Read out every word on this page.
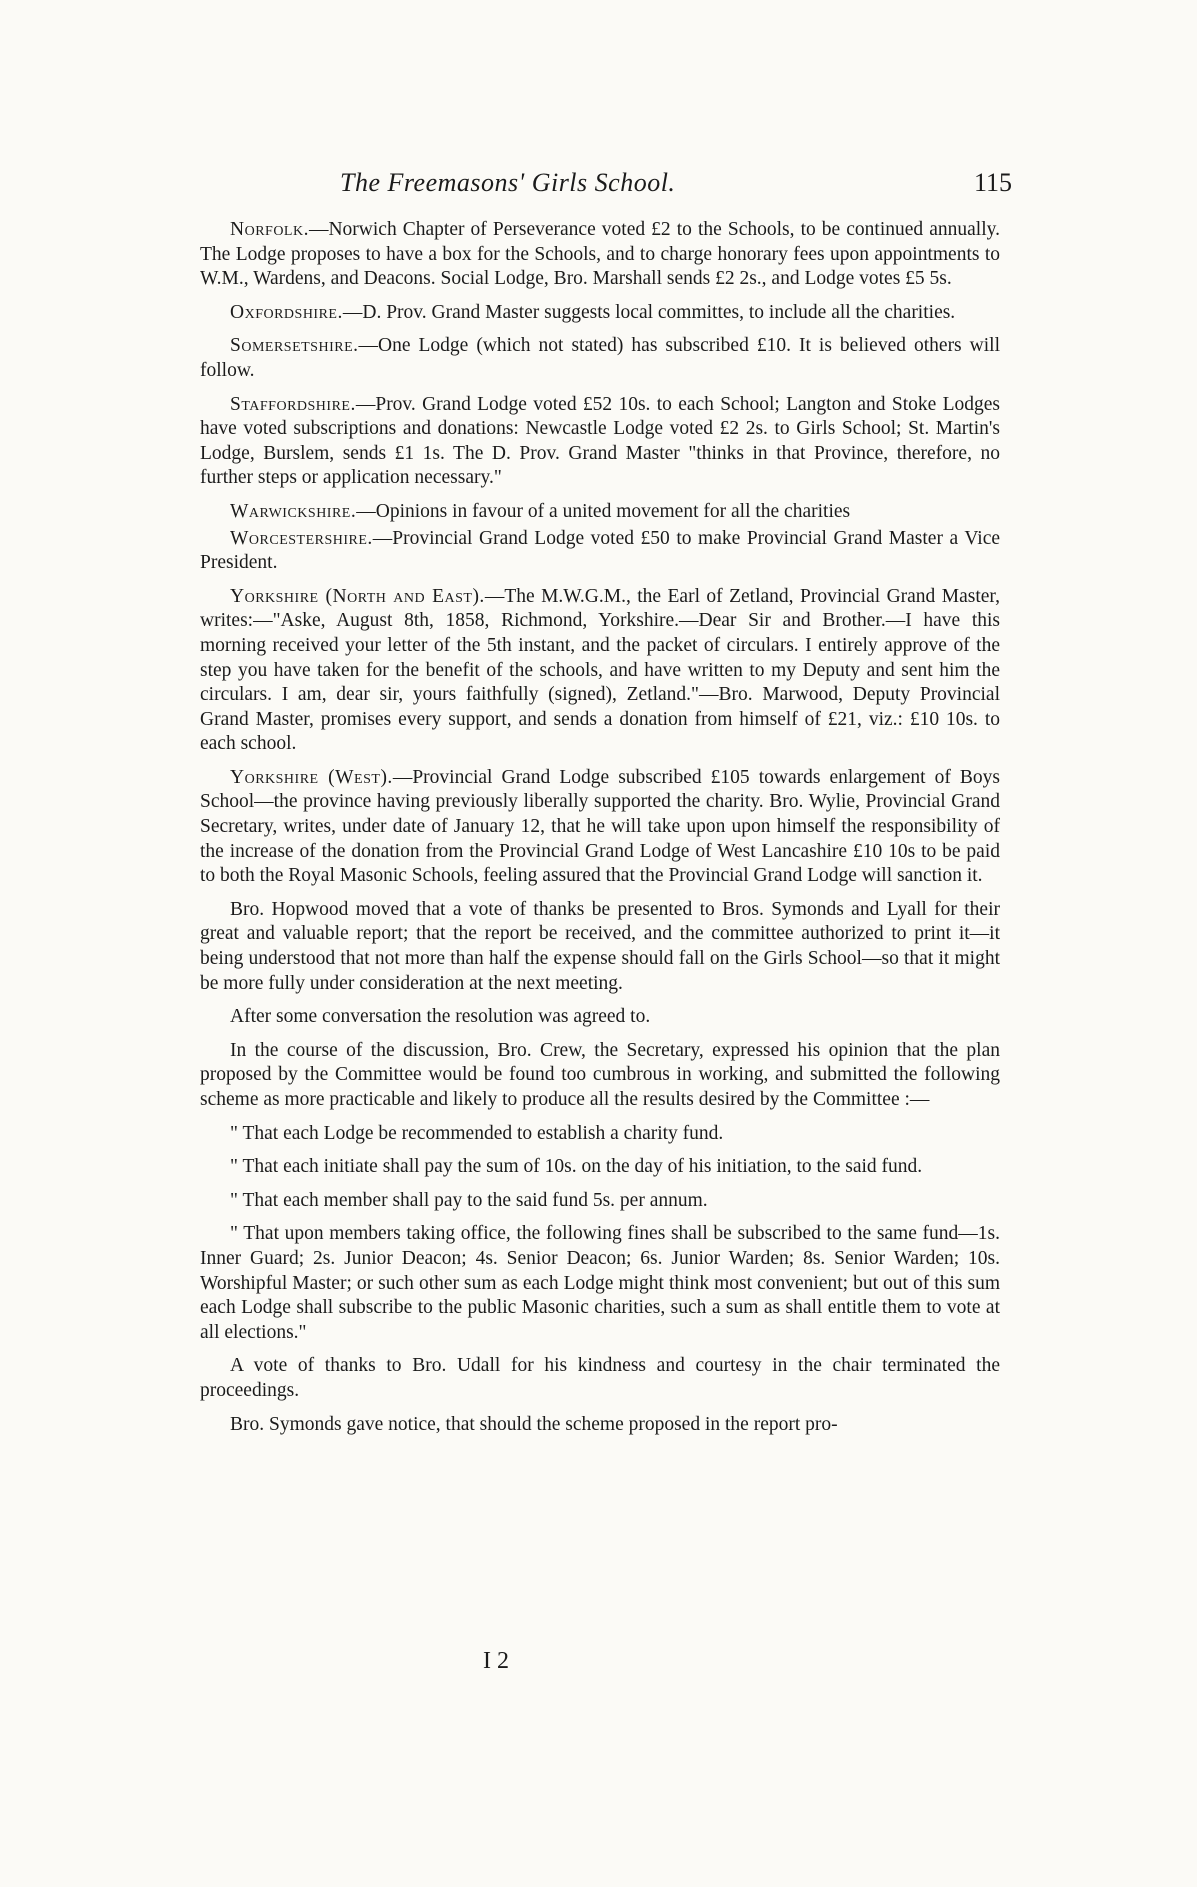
The Freemasons' Girls School.	115

Norfolk.—Norwich Chapter of Perseverance voted £2 to the Schools, to be continued annually. The Lodge proposes to have a box for the Schools, and to charge honorary fees upon appointments to W.M., Wardens, and Deacons. Social Lodge, Bro. Marshall sends £2 2s., and Lodge votes £5 5s.

Oxfordshire.—D. Prov. Grand Master suggests local committes, to include all the charities.

Somersetshire.—One Lodge (which not stated) has subscribed £10. It is believed others will follow.

Staffordshire.—Prov. Grand Lodge voted £52 10s. to each School; Langton and Stoke Lodges have voted subscriptions and donations: Newcastle Lodge voted £2 2s. to Girls School; St. Martin's Lodge, Burslem, sends £1 1s. The D. Prov. Grand Master "thinks in that Province, therefore, no further steps or application necessary."

Warwickshire.—Opinions in favour of a united movement for all the charities

Worcestershire.—Provincial Grand Lodge voted £50 to make Provincial Grand Master a Vice President.

Yorkshire (North and East).—The M.W.G.M., the Earl of Zetland, Provincial Grand Master, writes:—"Aske, August 8th, 1858, Richmond, Yorkshire.—Dear Sir and Brother.—I have this morning received your letter of the 5th instant, and the packet of circulars. I entirely approve of the step you have taken for the benefit of the schools, and have written to my Deputy and sent him the circulars. I am, dear sir, yours faithfully (signed), Zetland."—Bro. Marwood, Deputy Provincial Grand Master, promises every support, and sends a donation from himself of £21, viz.: £10 10s. to each school.

Yorkshire (West).—Provincial Grand Lodge subscribed £105 towards enlargement of Boys School—the province having previously liberally supported the charity. Bro. Wylie, Provincial Grand Secretary, writes, under date of January 12, that he will take upon upon himself the responsibility of the increase of the donation from the Provincial Grand Lodge of West Lancashire £10 10s to be paid to both the Royal Masonic Schools, feeling assured that the Provincial Grand Lodge will sanction it.

Bro. Hopwood moved that a vote of thanks be presented to Bros. Symonds and Lyall for their great and valuable report; that the report be received, and the committee authorized to print it—it being understood that not more than half the expense should fall on the Girls School—so that it might be more fully under consideration at the next meeting.

After some conversation the resolution was agreed to.

In the course of the discussion, Bro. Crew, the Secretary, expressed his opinion that the plan proposed by the Committee would be found too cumbrous in working, and submitted the following scheme as more practicable and likely to produce all the results desired by the Committee :—

" That each Lodge be recommended to establish a charity fund.

" That each initiate shall pay the sum of 10s. on the day of his initiation, to the said fund.

" That each member shall pay to the said fund 5s. per annum.

" That upon members taking office, the following fines shall be subscribed to the same fund—1s. Inner Guard; 2s. Junior Deacon; 4s. Senior Deacon; 6s. Junior Warden; 8s. Senior Warden; 10s. Worshipful Master; or such other sum as each Lodge might think most convenient; but out of this sum each Lodge shall subscribe to the public Masonic charities, such a sum as shall entitle them to vote at all elections."

A vote of thanks to Bro. Udall for his kindness and courtesy in the chair terminated the proceedings.

Bro. Symonds gave notice, that should the scheme proposed in the report pro-

I 2
